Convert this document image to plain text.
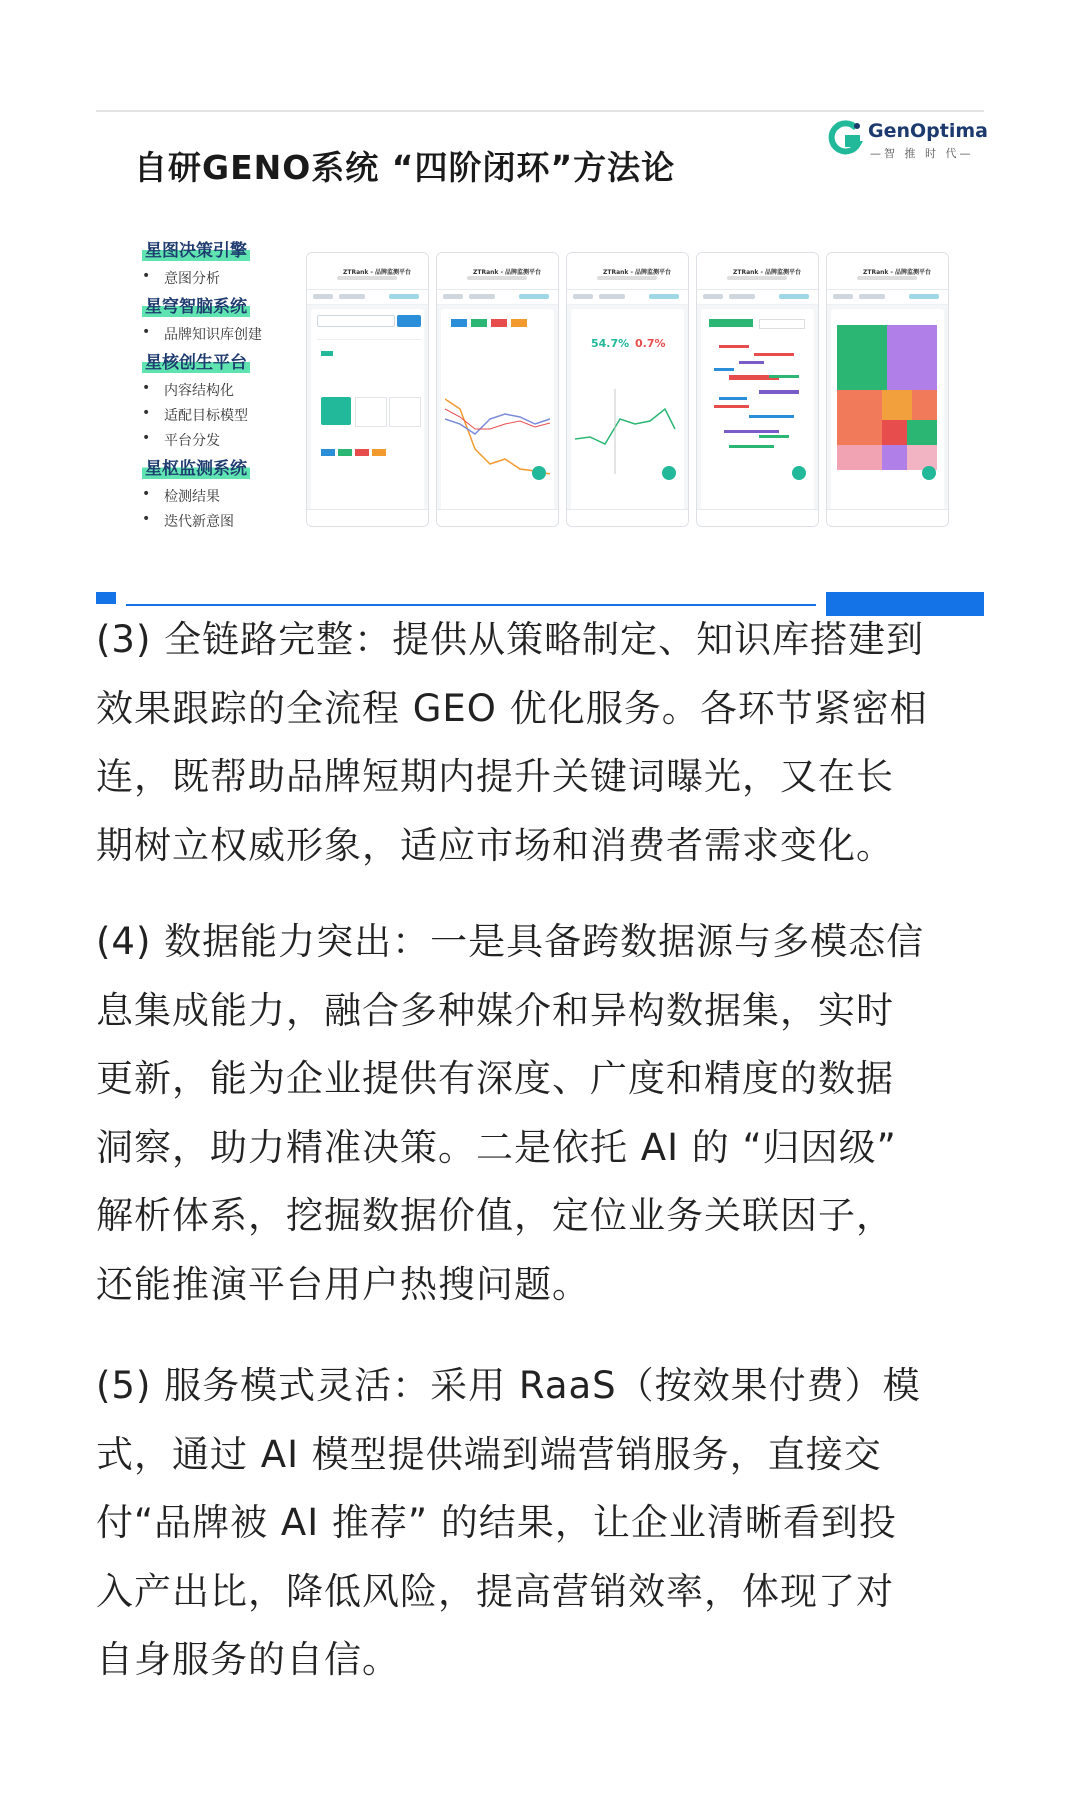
自研GENO系统 “四阶闭环”方法论
GenOptima
—智 推 时 代—
星图决策引擎
• 意图分析
星穹智脑系统
• 品牌知识库创建
星核创生平台
• 内容结构化
• 适配目标模型
• 平台分发
星枢监测系统
• 检测结果
• 迭代新意图
ZTRank - 品牌监测平台	ZTRank - 品牌监测平台	ZTRank - 品牌监测平台
54.7% 0.7%
ZTRank - 品牌监测平台	ZTRank - 品牌监测平台
(3) 全链路完整：提供从策略制定、知识库搭建到
效果跟踪的全流程 GEO 优化服务。各环节紧密相
连，既帮助品牌短期内提升关键词曝光，又在长
期树立权威形象，适应市场和消费者需求变化。
(4) 数据能力突出：一是具备跨数据源与多模态信
息集成能力，融合多种媒介和异构数据集，实时
更新，能为企业提供有深度、广度和精度的数据
洞察，助力精准决策。二是依托 AI 的 “归因级”
解析体系，挖掘数据价值，定位业务关联因子，
还能推演平台用户热搜问题。
(5) 服务模式灵活：采用 RaaS（按效果付费）模
式，通过 AI 模型提供端到端营销服务，直接交
付“品牌被 AI 推荐” 的结果，让企业清晰看到投
入产出比，降低风险，提高营销效率，体现了对
自身服务的自信。
